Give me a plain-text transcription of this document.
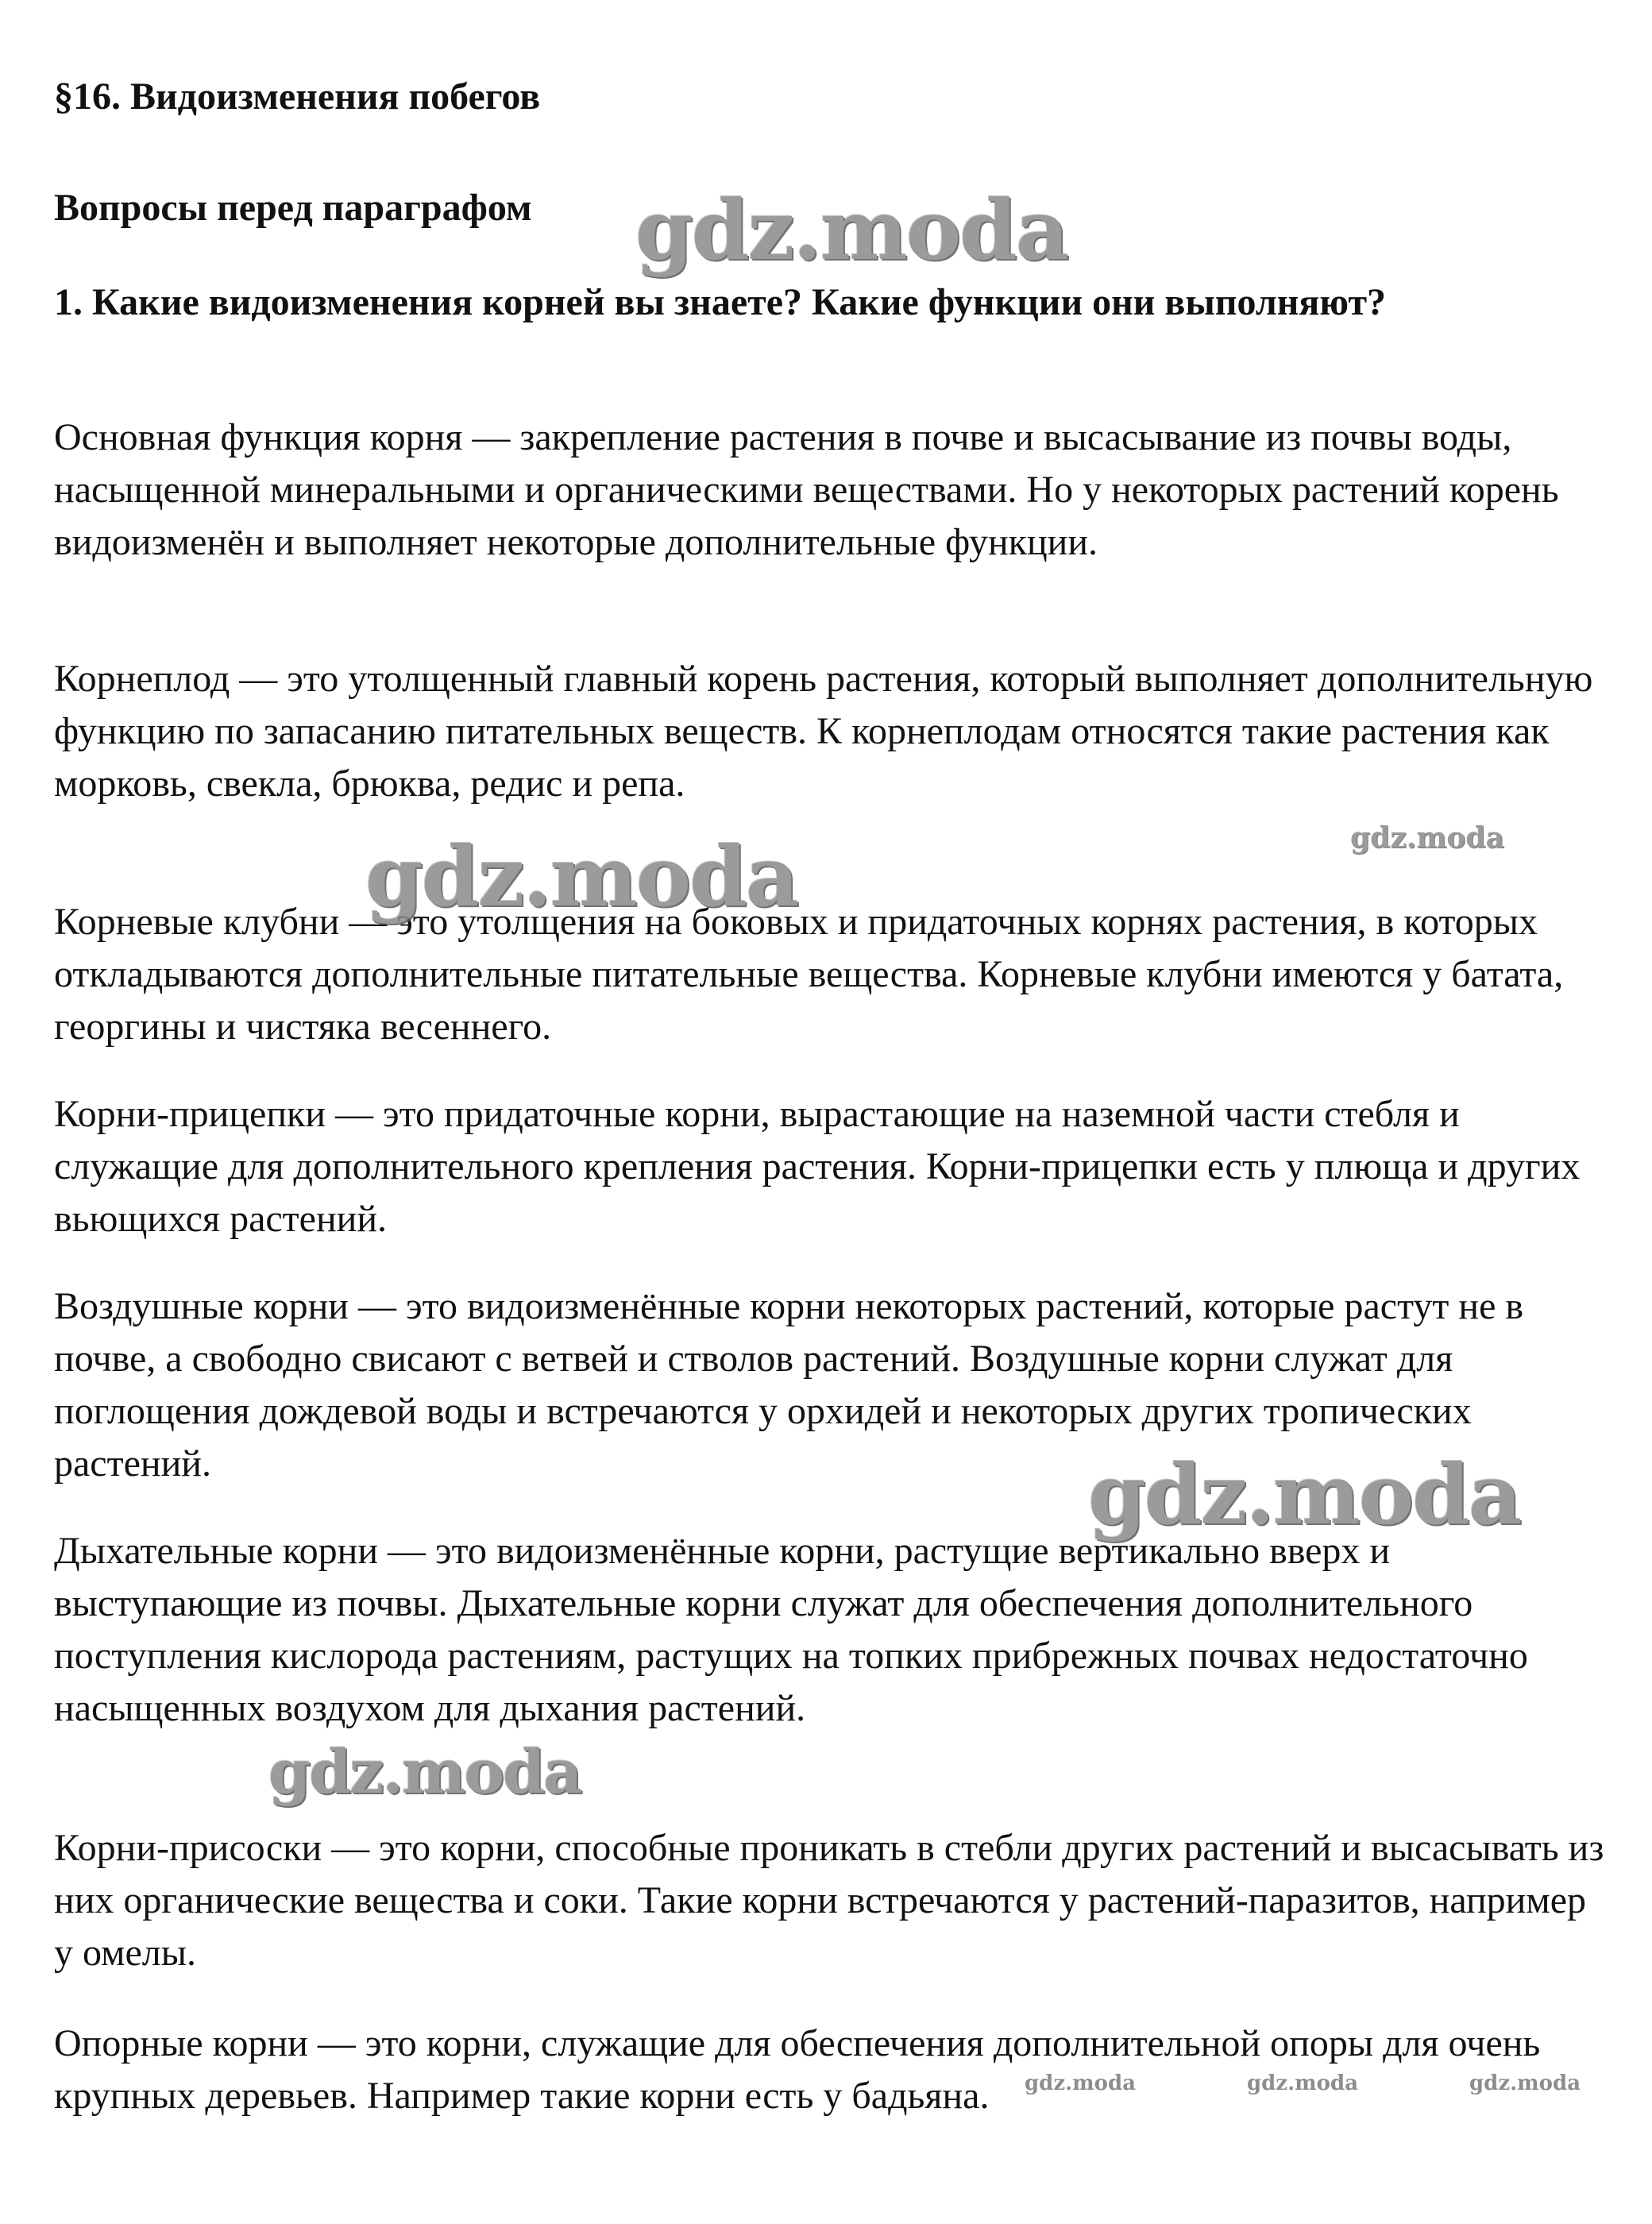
§16. Видоизменения побегов
Вопросы перед параграфом
1. Какие видоизменения корней вы знаете? Какие функции они выполняют?
Основная функция корня — закрепление растения в почве и высасывание из почвы воды, насыщенной минеральными и органическими веществами. Но у некоторых растений корень видоизменён и выполняет некоторые дополнительные функции.
Корнеплод — это утолщенный главный корень растения, который выполняет дополнительную функцию по запасанию питательных веществ. К корнеплодам относятся такие растения как морковь, свекла, брюква, редис и репа.
Корневые клубни — это утолщения на боковых и придаточных корнях растения, в которых откладываются дополнительные питательные вещества. Корневые клубни имеются у батата, георгины и чистяка весеннего.
Корни-прицепки — это придаточные корни, вырастающие на наземной части стебля и служащие для дополнительного крепления растения. Корни-прицепки есть у плюща и других вьющихся растений.
Воздушные корни — это видоизменённые корни некоторых растений, которые растут не в почве, а свободно свисают с ветвей и стволов растений. Воздушные корни служат для поглощения дождевой воды и встречаются у орхидей и некоторых других тропических растений.
Дыхательные корни — это видоизменённые корни, растущие вертикально вверх и выступающие из почвы. Дыхательные корни служат для обеспечения дополнительного поступления кислорода растениям, растущих на топких прибрежных почвах недостаточно насыщенных воздухом для дыхания растений.
Корни-присоски — это корни, способные проникать в стебли других растений и высасывать из них органические вещества и соки. Такие корни встречаются у растений-паразитов, например у омелы.
Опорные корни — это корни, служащие для обеспечения дополнительной опоры для очень крупных деревьев. Например такие корни есть у бадьяна.
gdz.moda
gdz.moda	gdz.moda
gdz.moda
gdz.moda
gdz.moda	gdz.moda	gdz.moda
